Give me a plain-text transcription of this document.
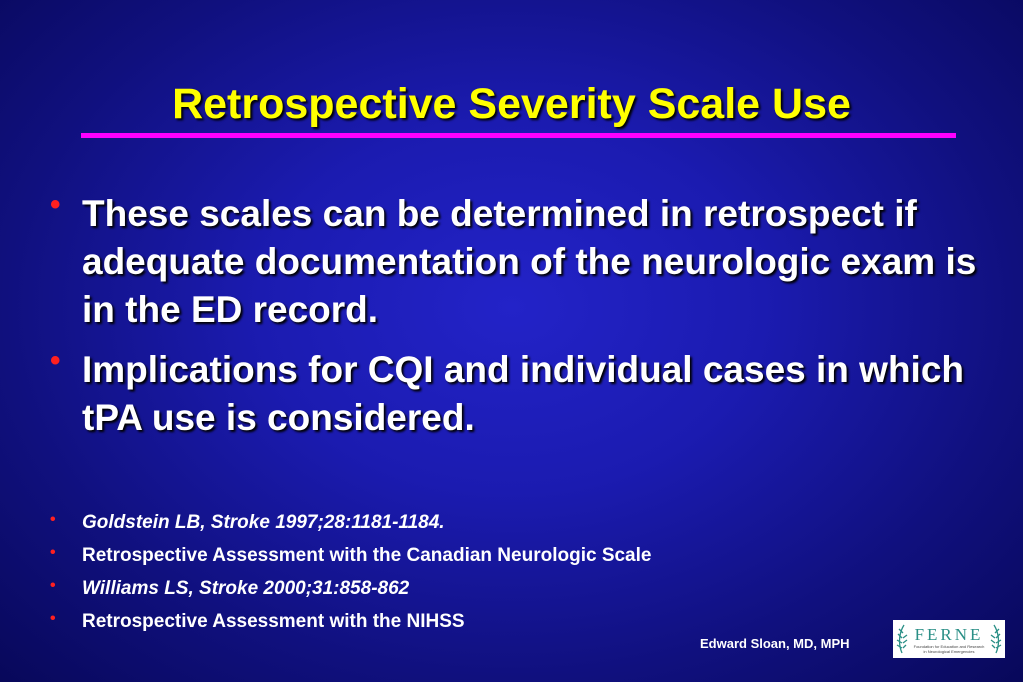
Retrospective Severity Scale Use
• These scales can be determined in retrospect if adequate documentation of the neurologic exam is in the ED record.
• Implications for CQI and individual cases in which tPA use is considered.
• Goldstein LB, Stroke 1997;28:1181-1184.
• Retrospective Assessment with the Canadian Neurologic Scale
• Williams LS, Stroke 2000;31:858-862
• Retrospective Assessment with the NIHSS
Edward Sloan, MD, MPH	FERNE
Foundation for Education and Research
in Neurological Emergencies
